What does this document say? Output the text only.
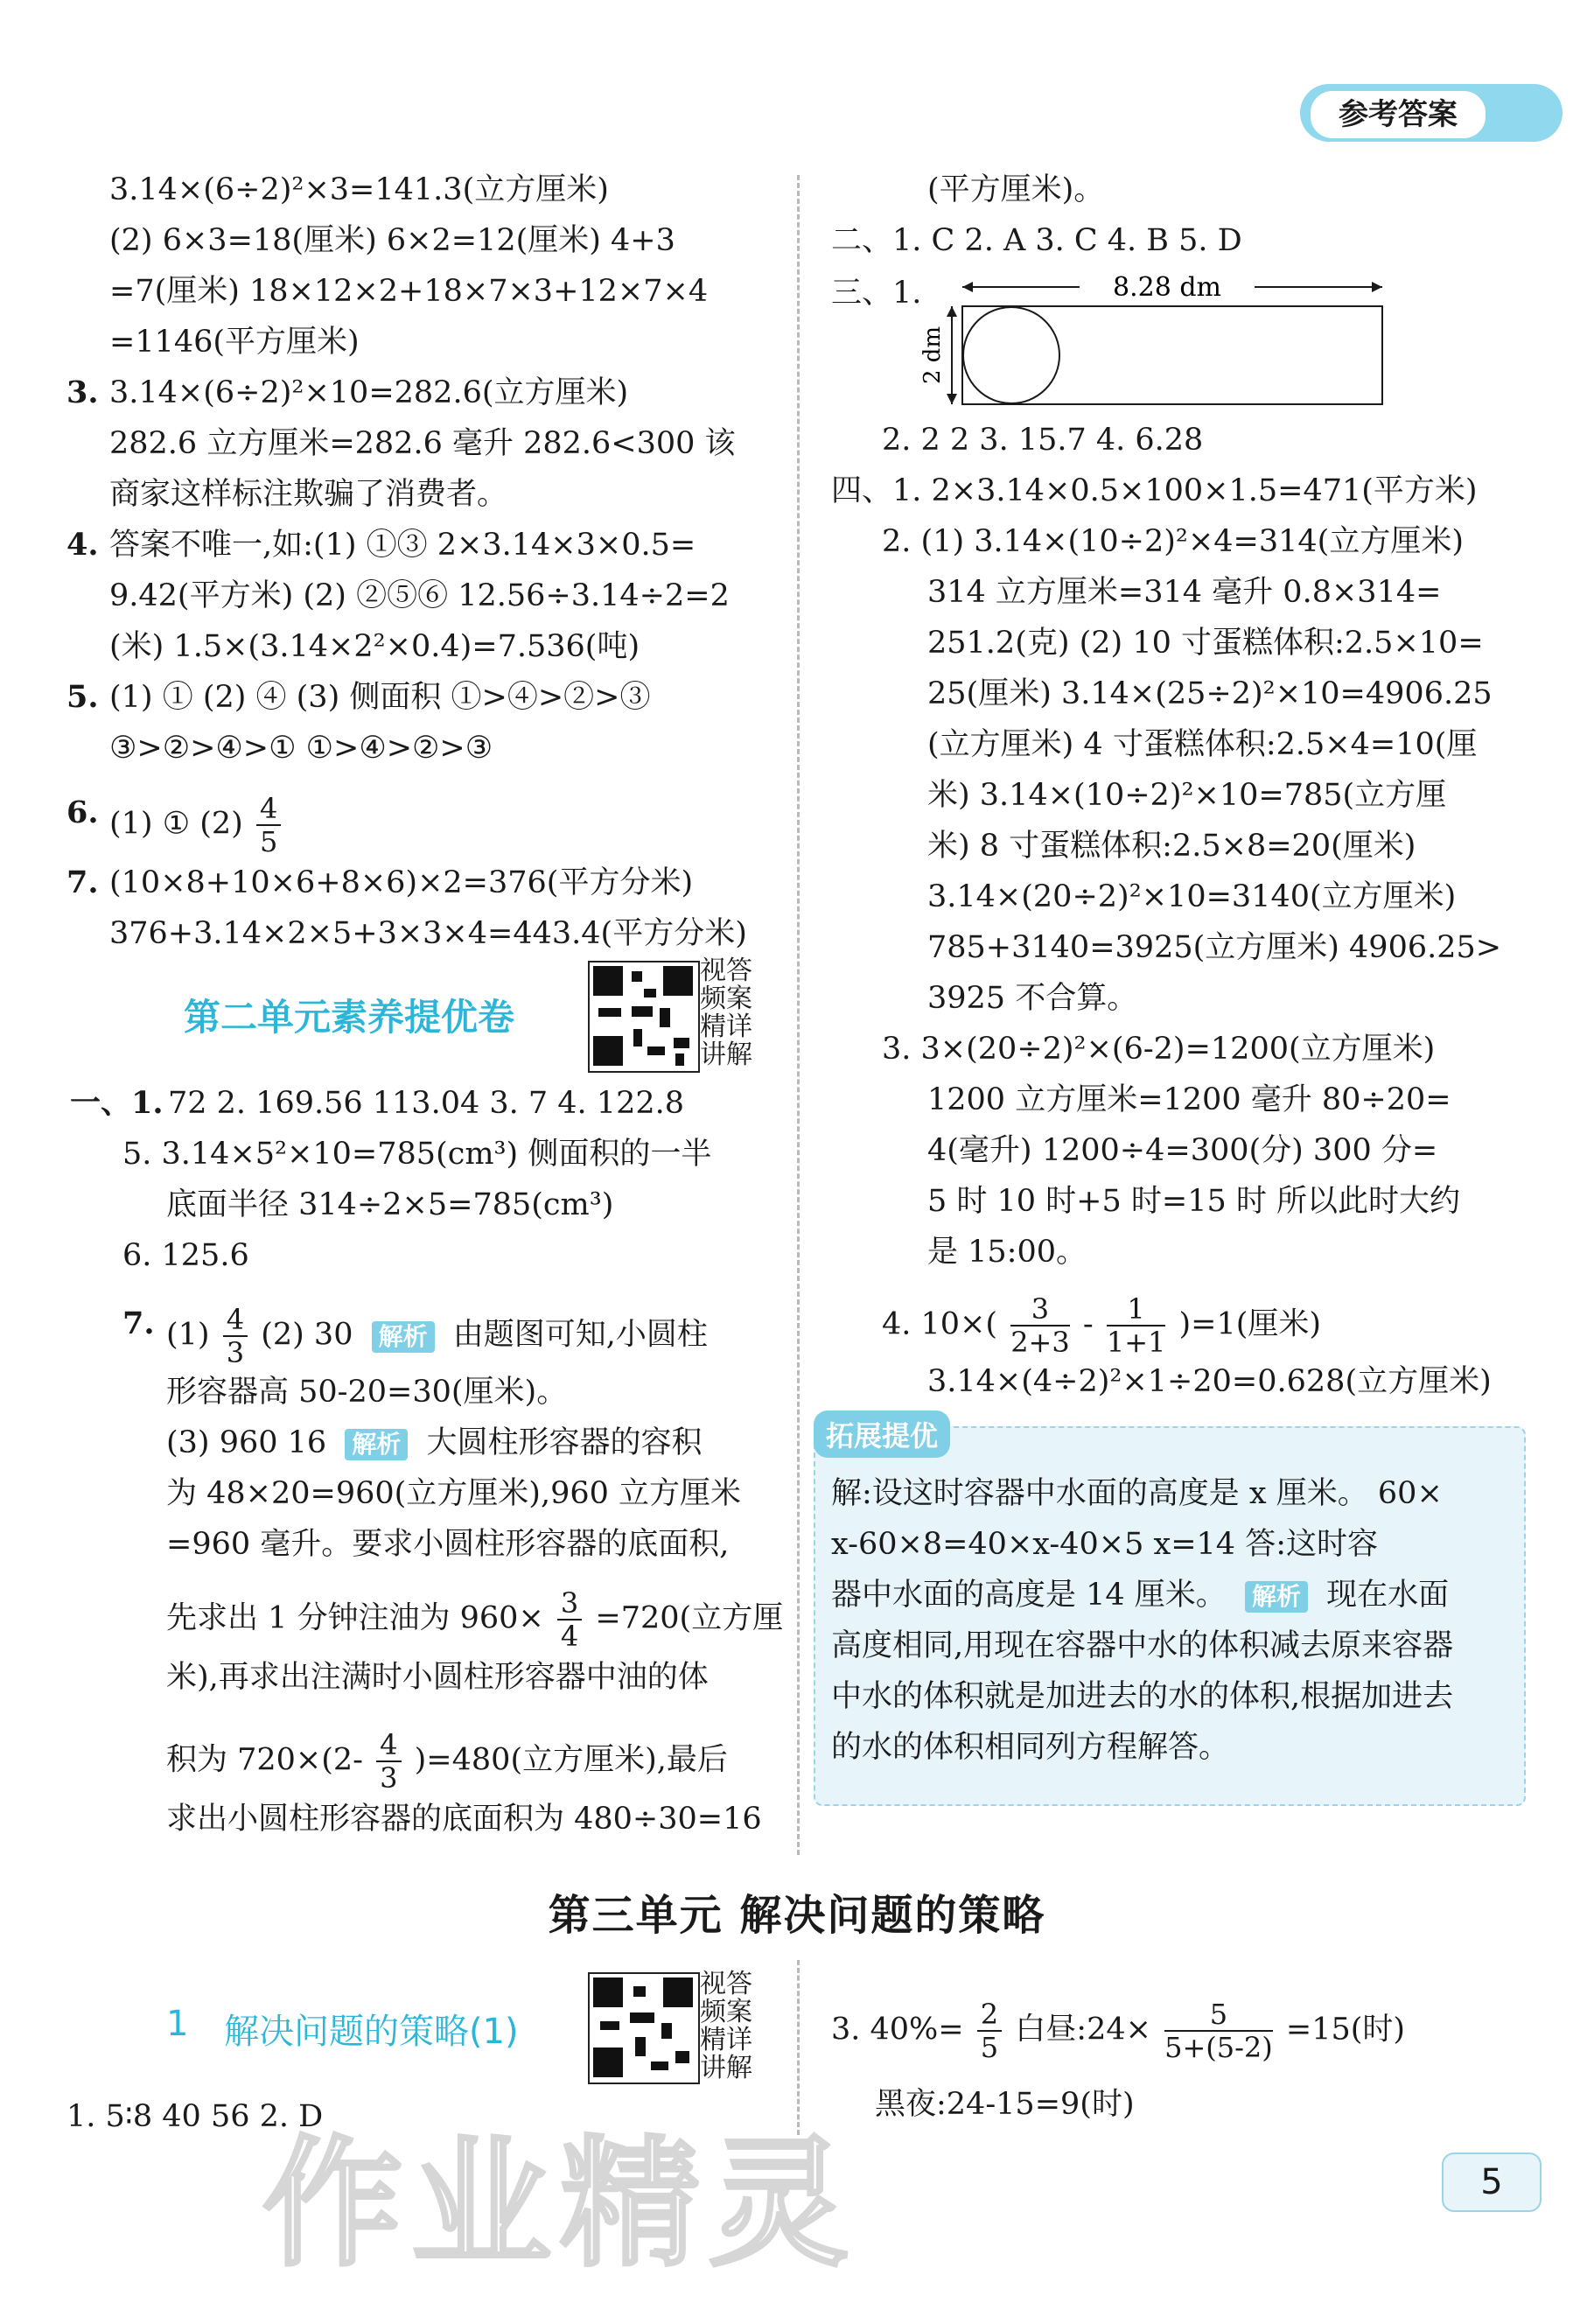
参考答案
3.14×(6÷2)²×3=141.3(立方厘米)
(2) 6×3=18(厘米) 6×2=12(厘米) 4+3
=7(厘米) 18×12×2+18×7×3+12×7×4
=1146(平方厘米)
3. 3.14×(6÷2)²×10=282.6(立方厘米)
282.6 立方厘米=282.6 毫升 282.6<300 该
商家这样标注欺骗了消费者。
4. 答案不唯一,如:(1) ①③ 2×3.14×3×0.5=
9.42(平方米) (2) ②⑤⑥ 12.56÷3.14÷2=2
(米) 1.5×(3.14×2²×0.4)=7.536(吨)
5. (1) ① (2) ④ (3) 侧面积 ①>④>②>③
③>②>④>① ①>④>②>③
6. (1) ① $(2) \frac{4}{5}$
7. (10×8+10×6+8×6)×2=376(平方分米)
376+3.14×2×5+3×3×4=443.4(平方分米)
第二单元素养提优卷
视答
频案
精详
讲解
一、1. 72 2. 169.56 113.04 3. 7 4. 122.8
5. 3.14×5²×10=785(cm³) 侧面积的一半
底面半径 314÷2×5=785(cm³)
6. 125.6
7. $(1) \frac{4}{3} (2)$ 30 解析 由题图可知,小圆柱
形容器高 50-20=30(厘米)。
(3) 960 16 解析 大圆柱形容器的容积
为 48×20=960(立方厘米),960 立方厘米
=960 毫升。要求小圆柱形容器的底面积,
先求出 1 分钟注油为 $960\times \frac{3}{4} =720$(立方厘
米),再求出注满时小圆柱形容器中油的体
积为 $720\times(2- \frac{4}{3} )=480$(立方厘米),最后
求出小圆柱形容器的底面积为 480÷30=16
(平方厘米)。
二、1. C 2. A 3. C 4. B 5. D
三、1.	8.28 dm
2 dm
2. 2 2 3. 15.7 4. 6.28
四、1. 2×3.14×0.5×100×1.5=471(平方米)
2. (1) 3.14×(10÷2)²×4=314(立方厘米)
314 立方厘米=314 毫升 0.8×314=
251.2(克) (2) 10 寸蛋糕体积:2.5×10=
25(厘米) 3.14×(25÷2)²×10=4906.25
(立方厘米) 4 寸蛋糕体积:2.5×4=10(厘
米) 3.14×(10÷2)²×10=785(立方厘
米) 8 寸蛋糕体积:2.5×8=20(厘米)
3.14×(20÷2)²×10=3140(立方厘米)
785+3140=3925(立方厘米) 4906.25>
3925 不合算。
3. 3×(20÷2)²×(6-2)=1200(立方厘米)
1200 立方厘米=1200 毫升 80÷20=
4(毫升) 1200÷4=300(分) 300 分=
5 时 10 时+5 时=15 时 所以此时大约
是 15:00。
4. $10\times( \frac{3}{2+3} - \frac{1}{1+1} )=1$(厘米)
3.14×(4÷2)²×1÷20=0.628(立方厘米)
拓展提优
解:设这时容器中水面的高度是 x 厘米。 60×
x-60×8=40×x-40×5 x=14 答:这时容
器中水面的高度是 14 厘米。 解析 现在水面
高度相同,用现在容器中水的体积减去原来容器
中水的体积就是加进去的水的体积,根据加进去
的水的体积相同列方程解答。
第三单元 解决问题的策略
1 解决问题的策略(1)
视答
频案
精详
讲解
1. 5∶8 40 56 2. D
3. $40\%= \frac{2}{5}$ 白昼:24× $\frac{5}{5+(5-2)} =15$(时)
黑夜:24-15=9(时)
作业精灵	5
